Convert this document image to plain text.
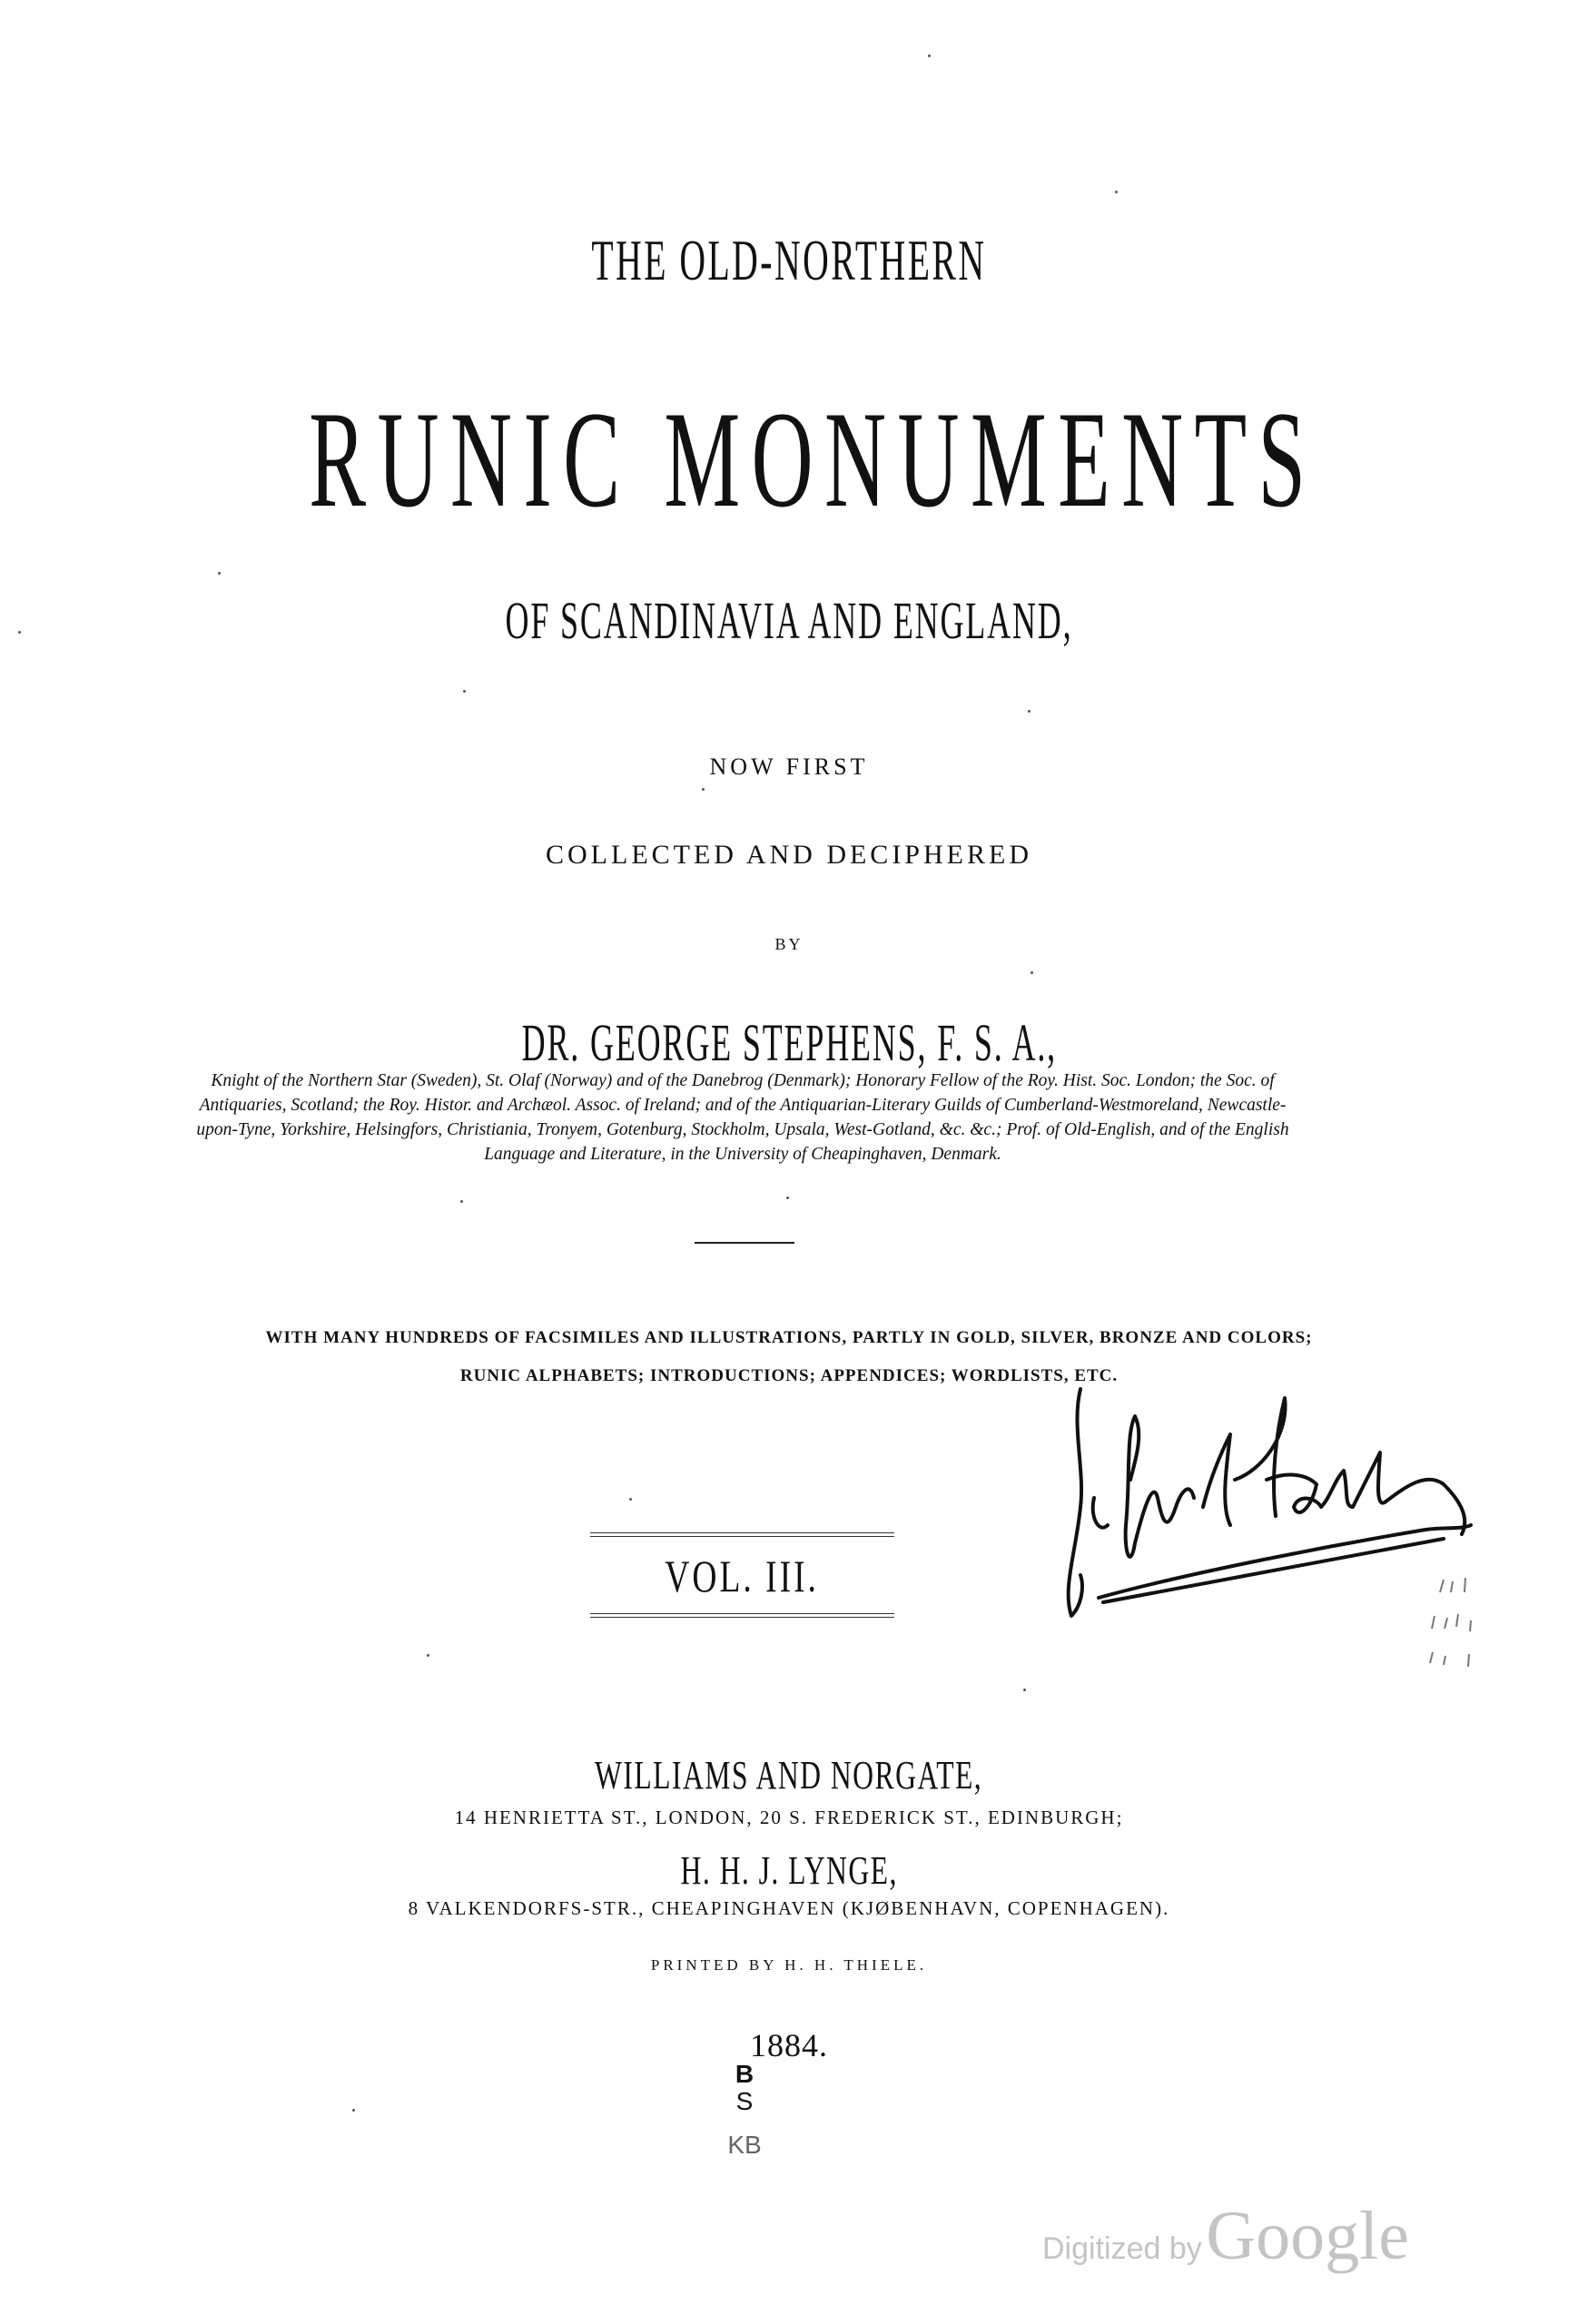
THE OLD-NORTHERN
RUNIC MONUMENTS
OF SCANDINAVIA AND ENGLAND,
NOW FIRST
COLLECTED AND DECIPHERED
BY
DR. GEORGE STEPHENS, F. S. A.,

Knight of the Northern Star (Sweden), St. Olaf (Norway) and of the Danebrog (Denmark); Honorary Fellow of the Roy. Hist. Soc. London; the Soc. of

Antiquaries, Scotland; the Roy. Histor. and Archæol. Assoc. of Ireland; and of the Antiquarian-Literary Guilds of Cumberland-Westmoreland, Newcastle-

upon-Tyne, Yorkshire, Helsingfors, Christiania, Tronyem, Gotenburg, Stockholm, Upsala, West-Gotland, &c. &c.; Prof. of Old-English, and of the English

Language and Literature, in the University of Cheapinghaven, Denmark.

WITH MANY HUNDREDS OF FACSIMILES AND ILLUSTRATIONS, PARTLY IN GOLD, SILVER, BRONZE AND COLORS;
RUNIC ALPHABETS; INTRODUCTIONS; APPENDICES; WORDLISTS, ETC.
VOL. III.
WILLIAMS AND NORGATE,
14 HENRIETTA ST., LONDON, 20 S. FREDERICK ST., EDINBURGH;
H. H. J. LYNGE,
8 VALKENDORFS-STR., CHEAPINGHAVEN (KJØBENHAVN, COPENHAGEN).
PRINTED BY H. H. THIELE.
1884.
B
S
KB
Digitized by Google
